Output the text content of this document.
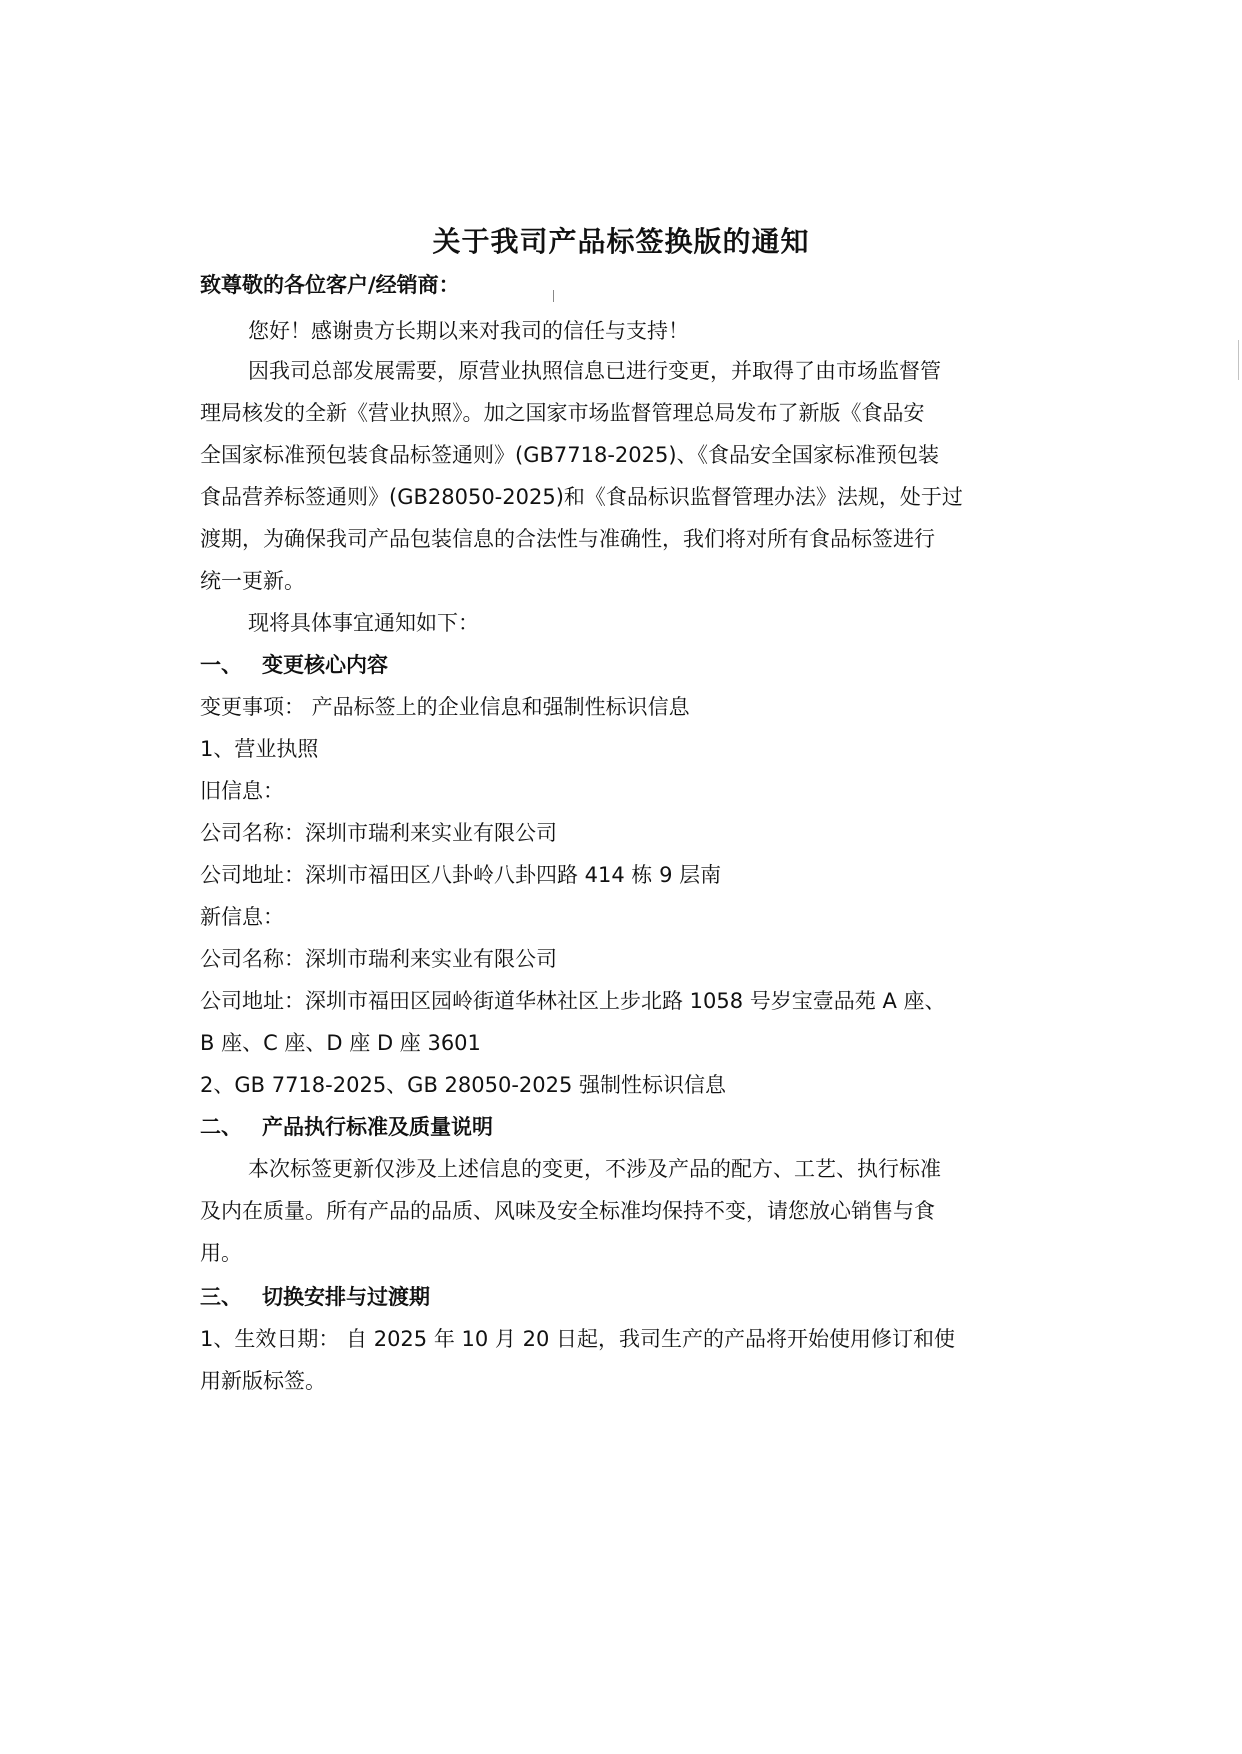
关于我司产品标签换版的通知
致尊敬的各位客户/经销商：
您好！感谢贵方长期以来对我司的信任与支持！
因我司总部发展需要，原营业执照信息已进行变更，并取得了由市场监督管
理局核发的全新《营业执照》。加之国家市场监督管理总局发布了新版《食品安
全国家标准预包装食品标签通则》(GB7718-2025)、《食品安全国家标准预包装
食品营养标签通则》(GB28050-2025)和《食品标识监督管理办法》法规，处于过
渡期，为确保我司产品包装信息的合法性与准确性，我们将对所有食品标签进行
统一更新。
现将具体事宜通知如下：
一、 变更核心内容
变更事项： 产品标签上的企业信息和强制性标识信息
1、营业执照
旧信息：
公司名称：深圳市瑞利来实业有限公司
公司地址：深圳市福田区八卦岭八卦四路 414 栋 9 层南
新信息：
公司名称：深圳市瑞利来实业有限公司
公司地址：深圳市福田区园岭街道华林社区上步北路 1058 号岁宝壹品苑 A 座、
B 座、C 座、D 座 D 座 3601
2、GB 7718-2025、GB 28050-2025 强制性标识信息
二、 产品执行标准及质量说明
本次标签更新仅涉及上述信息的变更，不涉及产品的配方、工艺、执行标准
及内在质量。所有产品的品质、风味及安全标准均保持不变，请您放心销售与食
用。
三、 切换安排与过渡期
1、生效日期： 自 2025 年 10 月 20 日起，我司生产的产品将开始使用修订和使
用新版标签。
